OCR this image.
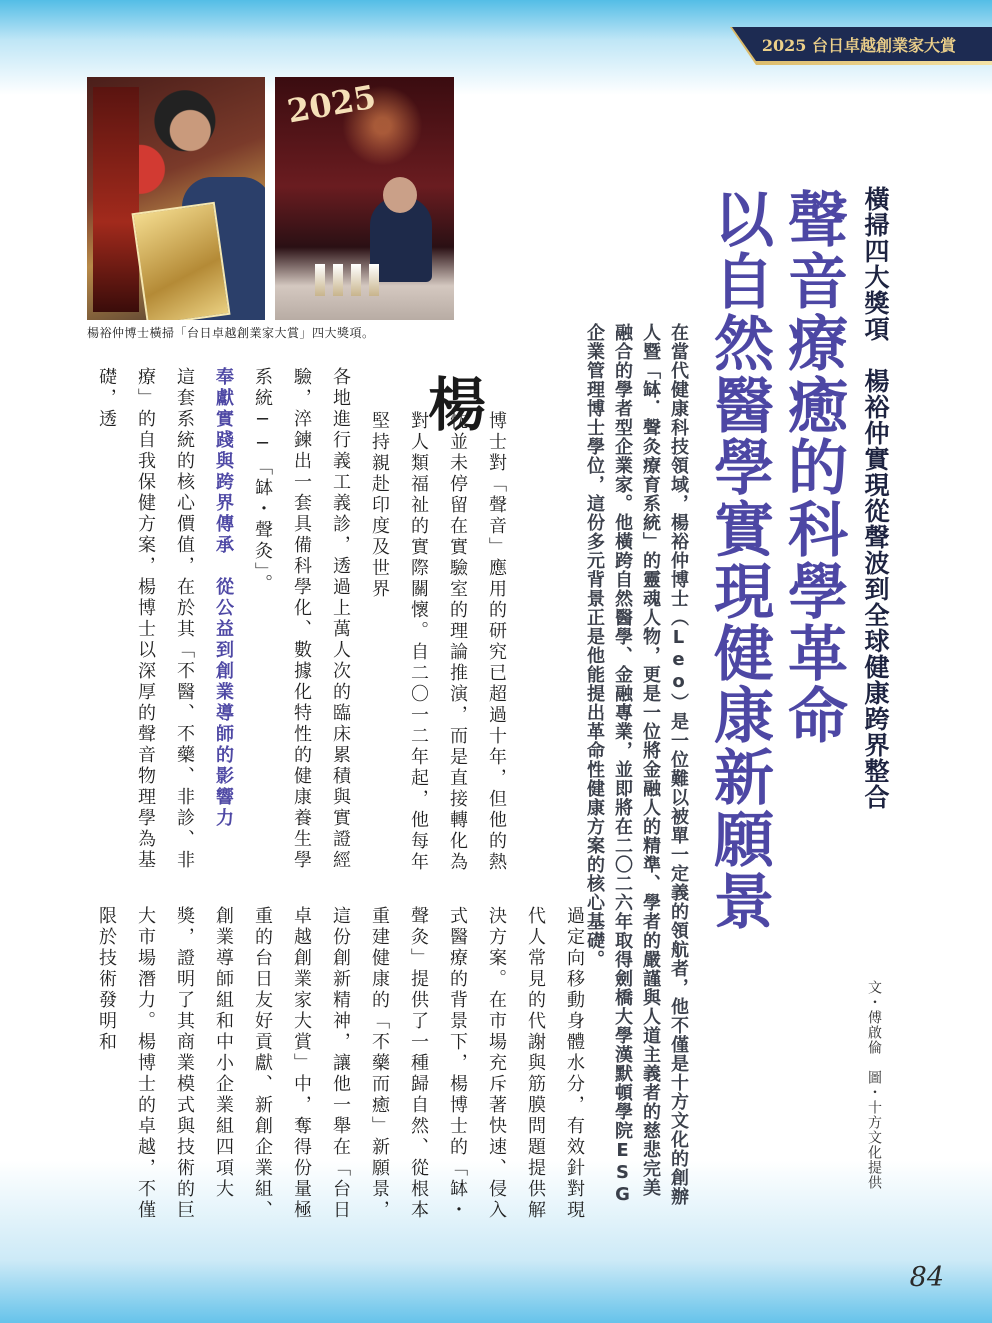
2025 台日卓越創業家大賞
2025
楊裕仲博士橫掃「台日卓越創業家大賞」四大獎項。	橫掃四大獎項　楊裕仲實現從聲波到全球健康跨界整合
聲音療癒的科學革命
以自然醫學實現健康新願景
文・傅啟倫　圖・十方文化提供
在當代健康科技領域，楊裕仲博士（Leo）是一位難以被單一定義的領航者，他不僅是十方文化的創辦人暨「缽．聲灸療育系統」的靈魂人物，更是一位將金融人的精準、學者的嚴謹與人道主義者的慈悲完美融合的學者型企業家。他橫跨自然醫學、金融專業，並即將在二〇二六年取得劍橋大學漢默頓學院ESG企業管理博士學位，這份多元背景正是他能提出革命性健康方案的核心基礎。
楊

博士對「聲音」應用的研究已超過十年，但他的熱忱並未停留在實驗室的理論推演，而是直接轉化為對人類福祉的實際關懷。自二〇一二年起，他每年堅持親赴印度及世界

各地進行義工義診，透過上萬人次的臨床累積與實證經驗，淬鍊出一套具備科學化、數據化特性的健康養生學系統──「缽・聲灸」。

奉獻實踐與跨界傳承　從公益到創業導師的影響力

這套系統的核心價值，在於其「不醫、不藥、非診、非療」的自我保健方案，楊博士以深厚的聲音物理學為基礎，透

過定向移動身體水分，有效針對現代人常見的代謝與筋膜問題提供解決方案。在市場充斥著快速、侵入式醫療的背景下，楊博士的「缽・聲灸」提供了一種歸自然、從根本重建健康的「不藥而癒」新願景，這份創新精神，讓他一舉在「台日卓越創業家大賞」中，奪得份量極重的台日友好貢獻、新創企業組、創業導師組和中小企業組四項大獎，證明了其商業模式與技術的巨大市場潛力。楊博士的卓越，不僅限於技術發明和

84
